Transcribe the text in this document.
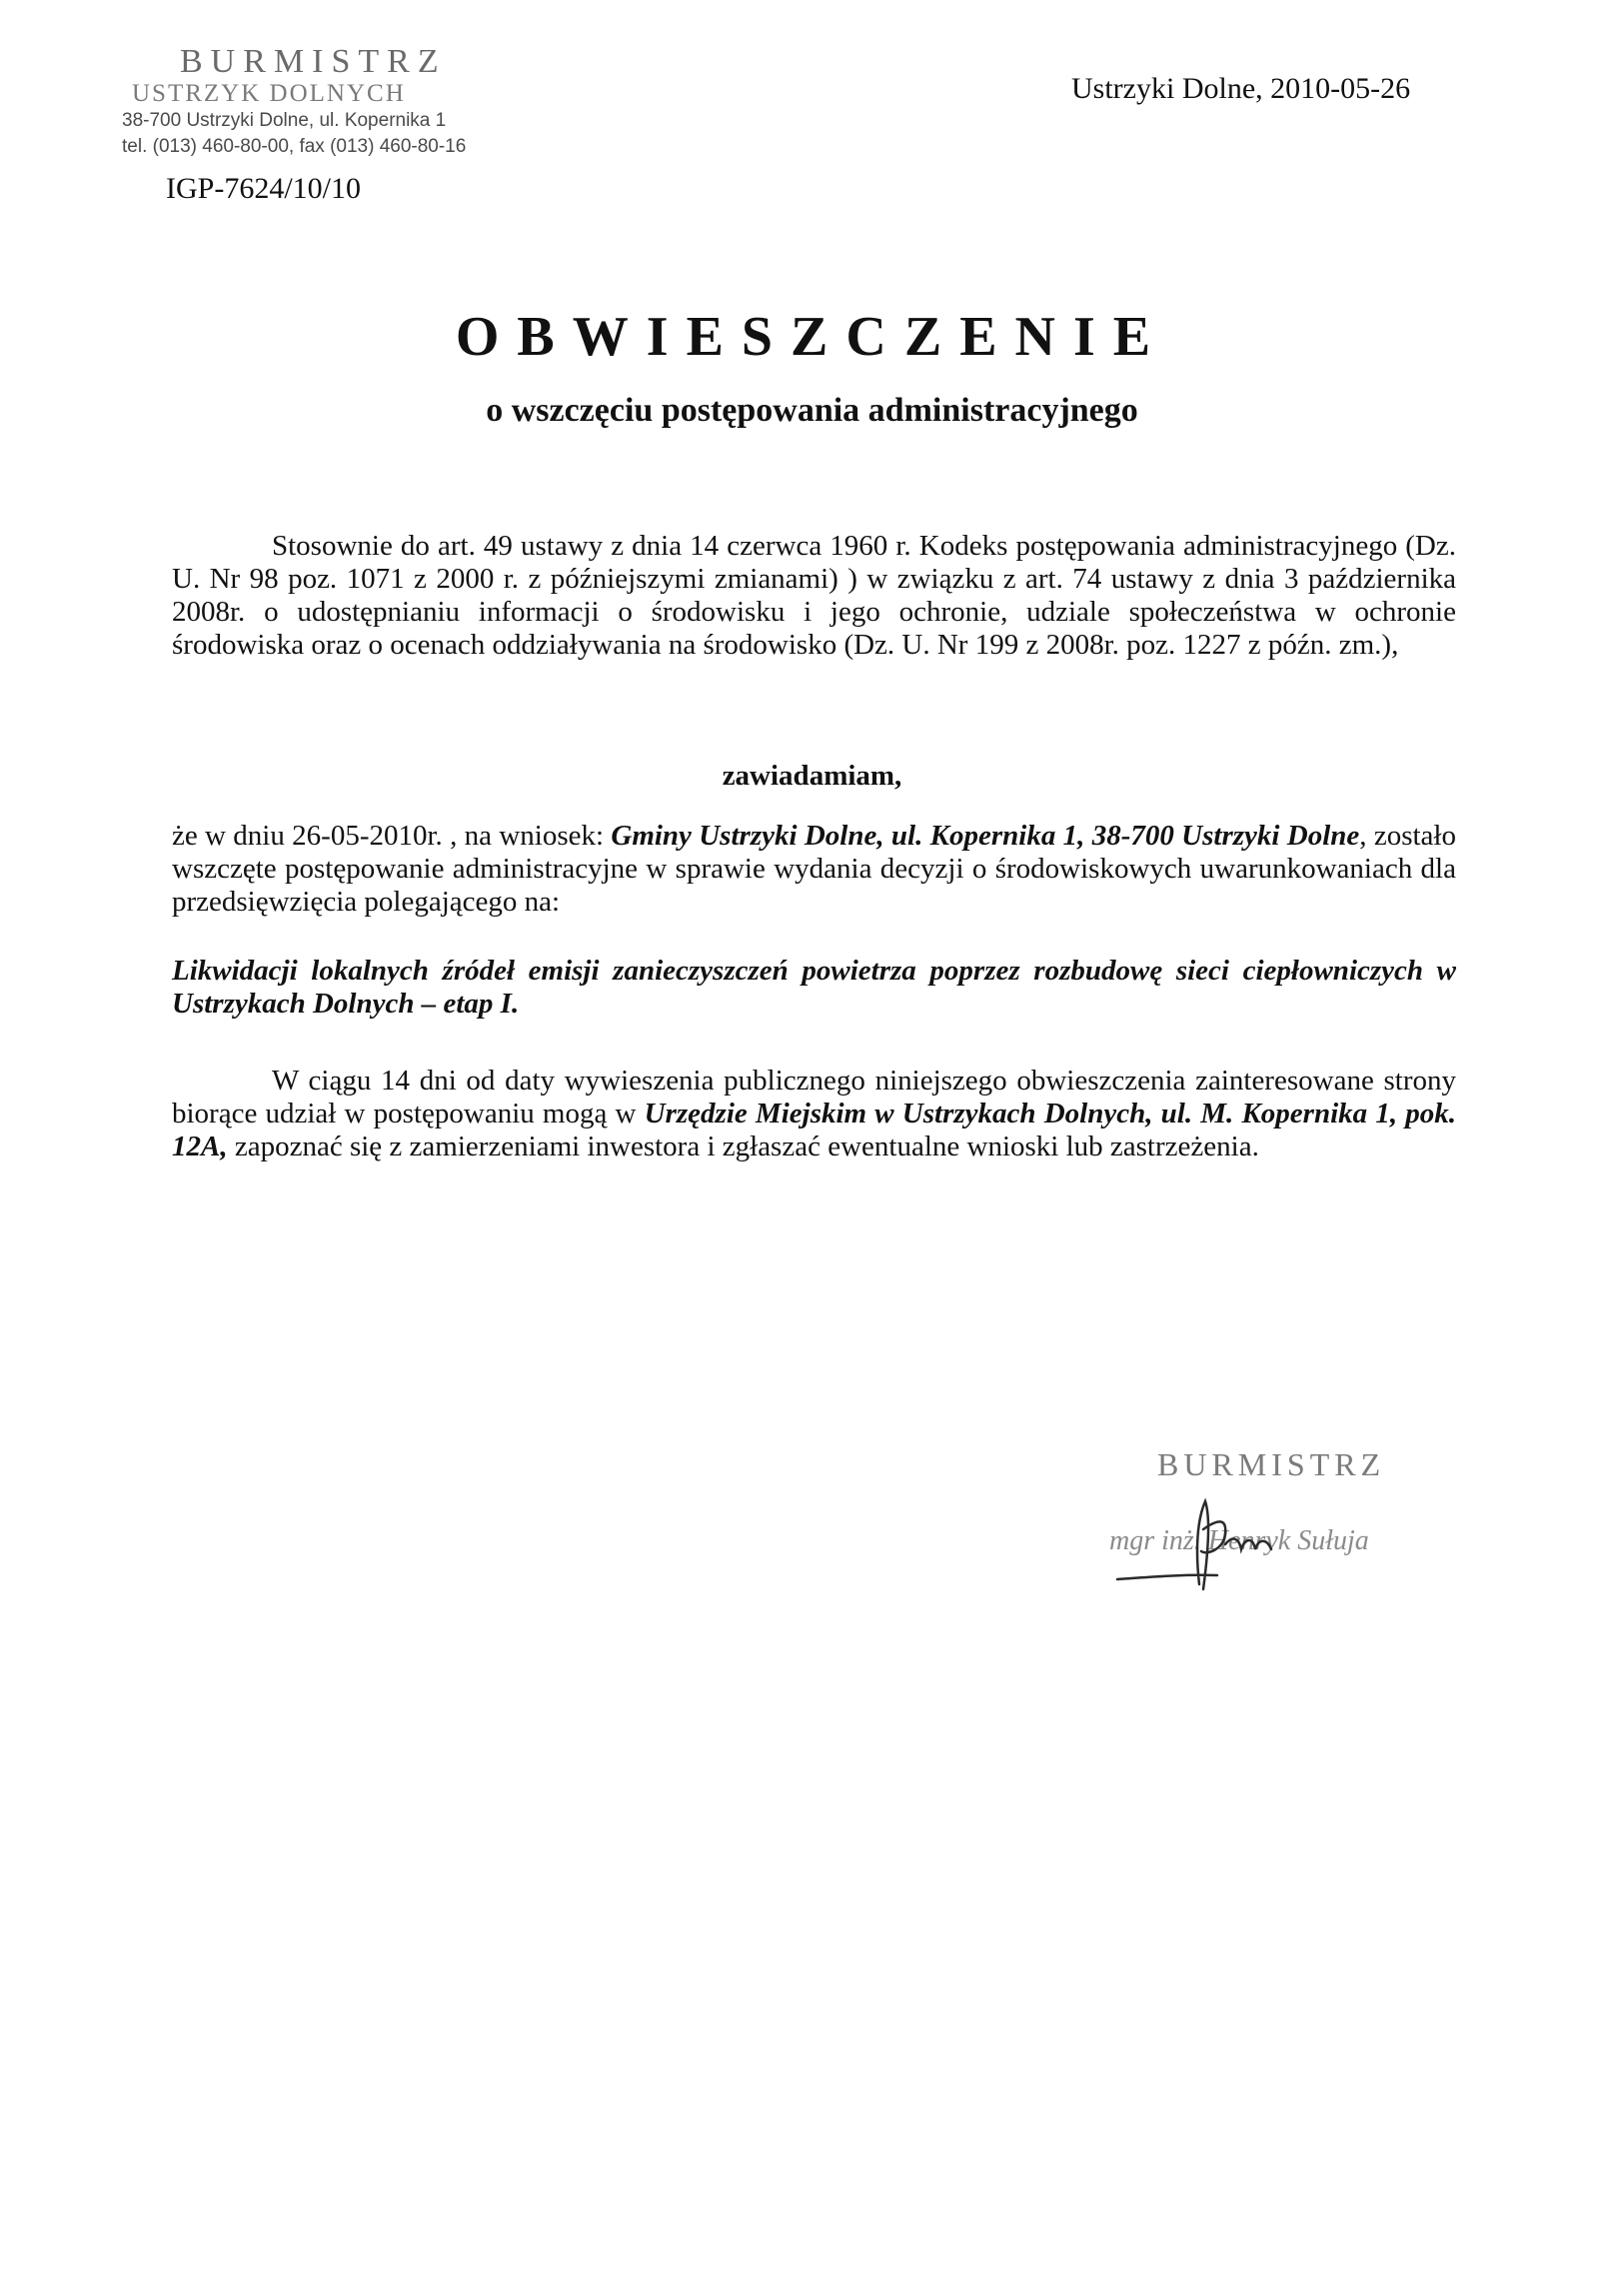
BURMISTRZ
USTRZYK DOLNYCH
38-700 Ustrzyki Dolne, ul. Kopernika 1
tel. (013) 460-80-00, fax (013) 460-80-16
Ustrzyki Dolne, 2010-05-26
IGP-7624/10/10
OBWIESZCZENIE
o wszczęciu postępowania administracyjnego
Stosownie do art. 49 ustawy z dnia 14 czerwca 1960 r. Kodeks postępowania administracyjnego (Dz. U. Nr 98 poz. 1071 z 2000 r. z późniejszymi zmianami) ) w związku z art. 74 ustawy z dnia 3 października 2008r. o udostępnianiu informacji o środowisku i jego ochronie, udziale społeczeństwa w ochronie środowiska oraz o ocenach oddziaływania na środowisko (Dz. U. Nr 199 z 2008r. poz. 1227 z późn. zm.),
zawiadamiam,
że w dniu 26-05-2010r. , na wniosek: Gminy Ustrzyki Dolne, ul. Kopernika 1, 38-700 Ustrzyki Dolne, zostało wszczęte postępowanie administracyjne w sprawie wydania decyzji o środowiskowych uwarunkowaniach dla przedsięwzięcia polegającego na:
Likwidacji lokalnych źródeł emisji zanieczyszczeń powietrza poprzez rozbudowę sieci ciepłowniczych w Ustrzykach Dolnych – etap I.
W ciągu 14 dni od daty wywieszenia publicznego niniejszego obwieszczenia zainteresowane strony biorące udział w postępowaniu mogą w Urzędzie Miejskim w Ustrzykach Dolnych, ul. M. Kopernika 1, pok. 12A, zapoznać się z zamierzeniami inwestora i zgłaszać ewentualne wnioski lub zastrzeżenia.
BURMISTRZ
mgr inż. Henryk Sułuja
